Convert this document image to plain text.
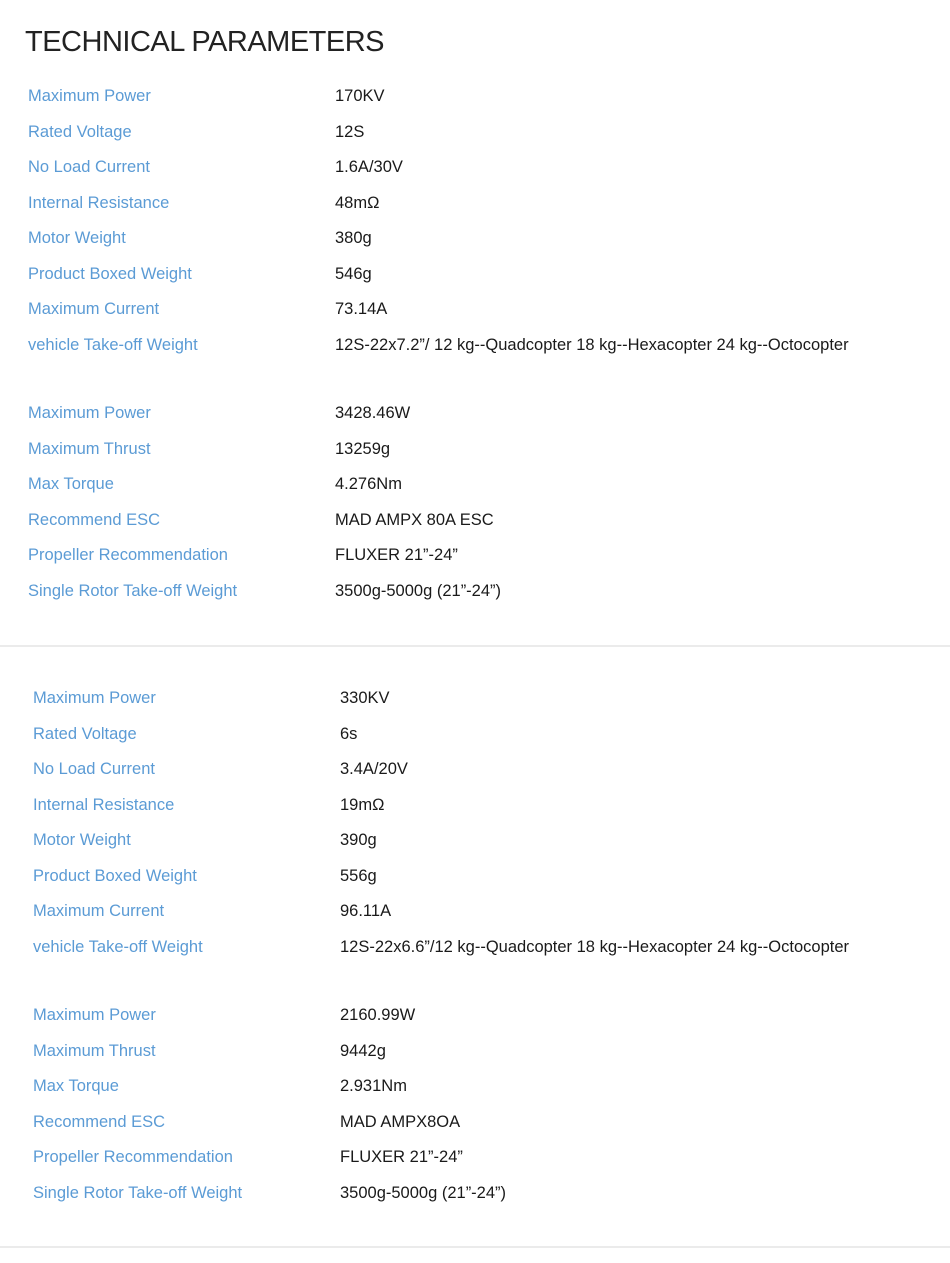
TECHNICAL PARAMETERS
Maximum Power	170KV
Rated Voltage	12S
No Load Current	1.6A/30V
Internal Resistance	48mΩ
Motor Weight	380g
Product Boxed Weight	546g
Maximum Current	73.14A
vehicle Take-off Weight	12S-22x7.2”/ 12 kg--Quadcopter 18 kg--Hexacopter 24 kg--Octocopter
Maximum Power	3428.46W
Maximum Thrust	13259g
Max Torque	4.276Nm
Recommend ESC	MAD AMPX 80A ESC
Propeller Recommendation	FLUXER 21”-24”
Single Rotor Take-off Weight	3500g-5000g (21”-24”)
Maximum Power	330KV
Rated Voltage	6s
No Load Current	3.4A/20V
Internal Resistance	19mΩ
Motor Weight	390g
Product Boxed Weight	556g
Maximum Current	96.11A
vehicle Take-off Weight	12S-22x6.6”/12 kg--Quadcopter 18 kg--Hexacopter 24 kg--Octocopter
Maximum Power	2160.99W
Maximum Thrust	9442g
Max Torque	2.931Nm
Recommend ESC	MAD AMPX8OA
Propeller Recommendation	FLUXER 21”-24”
Single Rotor Take-off Weight	3500g-5000g (21”-24”)
